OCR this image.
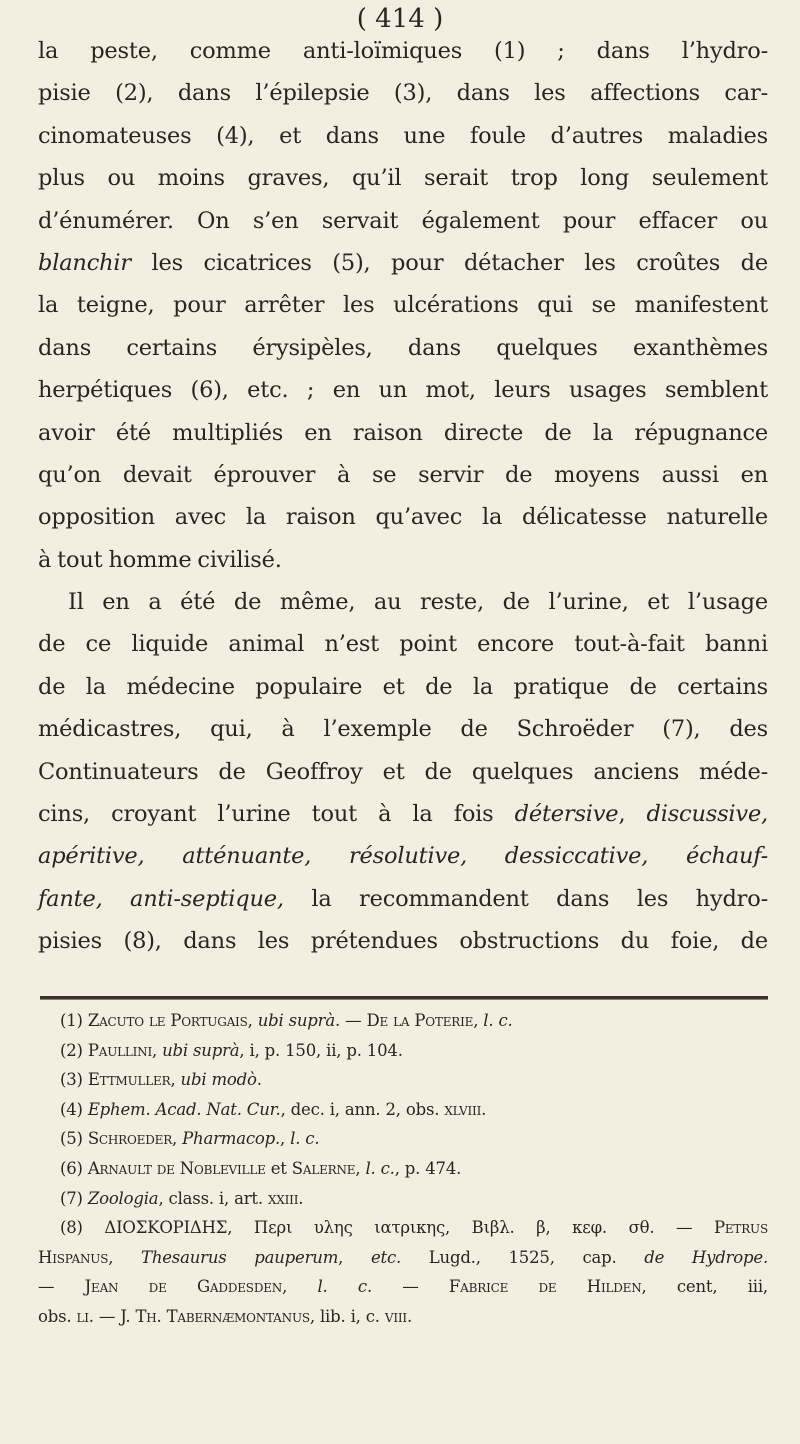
( 414 )
la peste, comme anti-loïmiques (1) ; dans l’hydro-
pisie (2), dans l’épilepsie (3), dans les affections car-
cinomateuses (4), et dans une foule d’autres maladies
plus ou moins graves, qu’il serait trop long seulement
d’énumérer. On s’en servait également pour effacer ou
blanchir les cicatrices (5), pour détacher les croûtes de
la teigne, pour arrêter les ulcérations qui se manifestent
dans certains érysipèles, dans quelques exanthèmes
herpétiques (6), etc. ; en un mot, leurs usages semblent
avoir été multipliés en raison directe de la répugnance
qu’on devait éprouver à se servir de moyens aussi en
opposition avec la raison qu’avec la délicatesse naturelle
à tout homme civilisé.
Il en a été de même, au reste, de l’urine, et l’usage
de ce liquide animal n’est point encore tout-à-fait banni
de la médecine populaire et de la pratique de certains
médicastres, qui, à l’exemple de Schroëder (7), des
Continuateurs de Geoffroy et de quelques anciens méde-
cins, croyant l’urine tout à la fois détersive, discussive,
apéritive, atténuante, résolutive, dessiccative, échauf-
fante, anti-septique, la recommandent dans les hydro-
pisies (8), dans les prétendues obstructions du foie, de
(1) Zacuto le Portugais, ubi suprà. — De la Poterie, l. c.
(2) Paullini, ubi suprà, i, p. 150, ii, p. 104.
(3) Ettmuller, ubi modò.
(4) Ephem. Acad. Nat. Cur., dec. i, ann. 2, obs. xlviii.
(5) Schroeder, Pharmacop., l. c.
(6) Arnault de Nobleville et Salerne, l. c., p. 474.
(7) Zoologia, class. i, art. xxiii.
(8) ΔΙΟΣΚΟΡΙΔΗΣ, Περι υλης ιατρικης, Βιβλ. β, κεφ. σθ. — Petrus
Hispanus, Thesaurus pauperum, etc. Lugd., 1525, cap. de Hydrope.
— Jean de Gaddesden, l. c. — Fabrice de Hilden, cent, iii,
obs. li. — J. Th. Tabernæmontanus, lib. i, c. viii.
